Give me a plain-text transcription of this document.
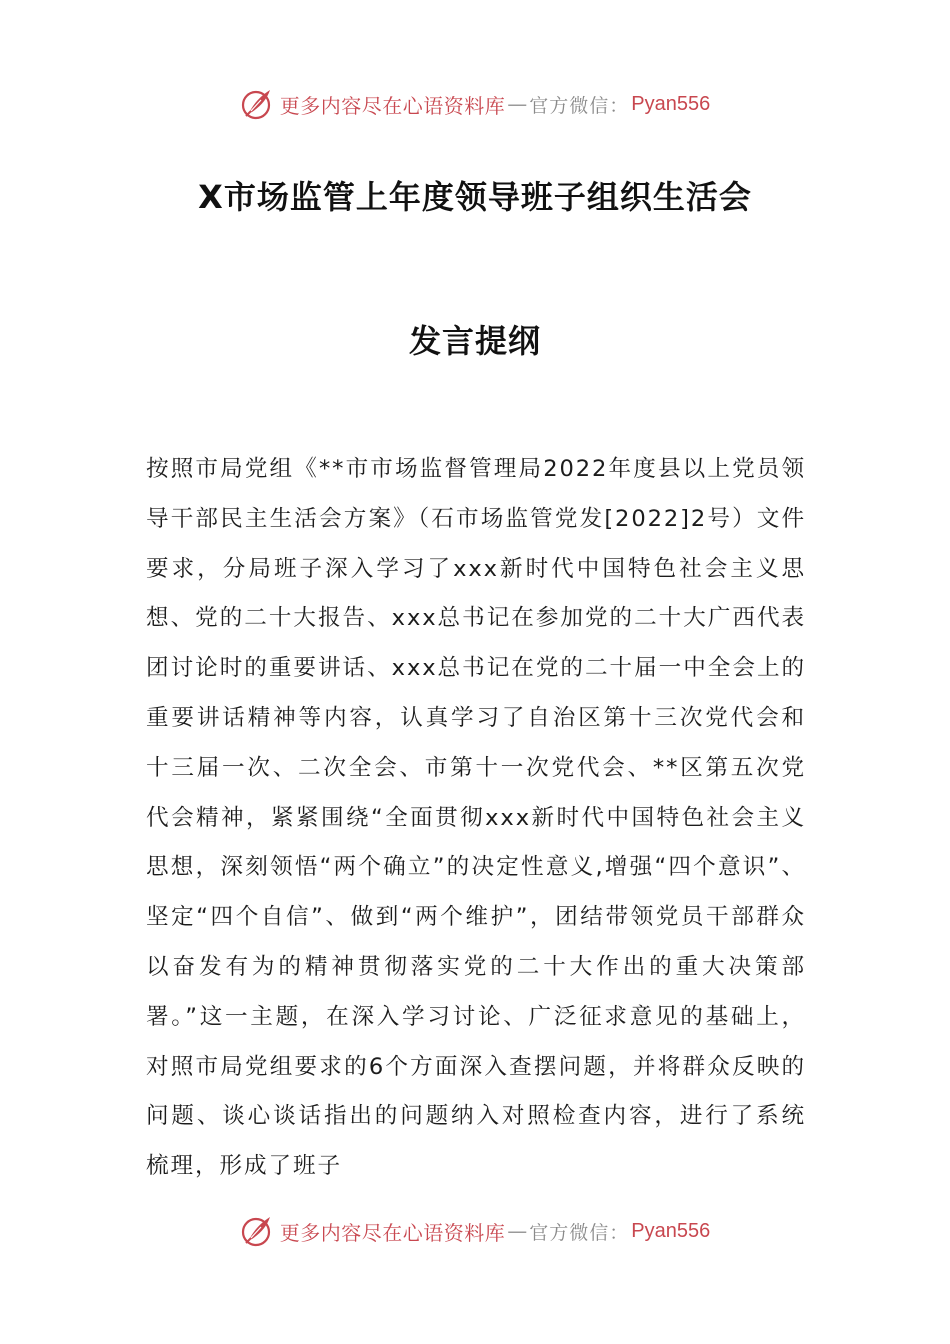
更多内容尽在心语资料库 — 官方微信： Pyan556
X市场监管上年度领导班子组织生活会
发言提纲

按照市局党组《**市市场监督管理局2022年度县以上党员领导干部民主生活会方案》（石市场监管党发[2022]2号）文件要求，分局班子深入学习了xxx新时代中国特色社会主义思想、党的二十大报告、xxx总书记在参加党的二十大广西代表团讨论时的重要讲话、xxx总书记在党的二十届一中全会上的重要讲话精神等内容，认真学习了自治区第十三次党代会和十三届一次、二次全会、市第十一次党代会、**区第五次党代会精神，紧紧围绕“全面贯彻xxx新时代中国特色社会主义思想，深刻领悟“两个确立”的决定性意义,增强“四个意识”、坚定“四个自信”、做到“两个维护”，团结带领党员干部群众以奋发有为的精神贯彻落实党的二十大作出的重大决策部署。”这一主题，在深入学习讨论、广泛征求意见的基础上，对照市局党组要求的6个方面深入查摆问题，并将群众反映的问题、谈心谈话指出的问题纳入对照检查内容，进行了系统梳理，形成了班子

更多内容尽在心语资料库 — 官方微信： Pyan556
